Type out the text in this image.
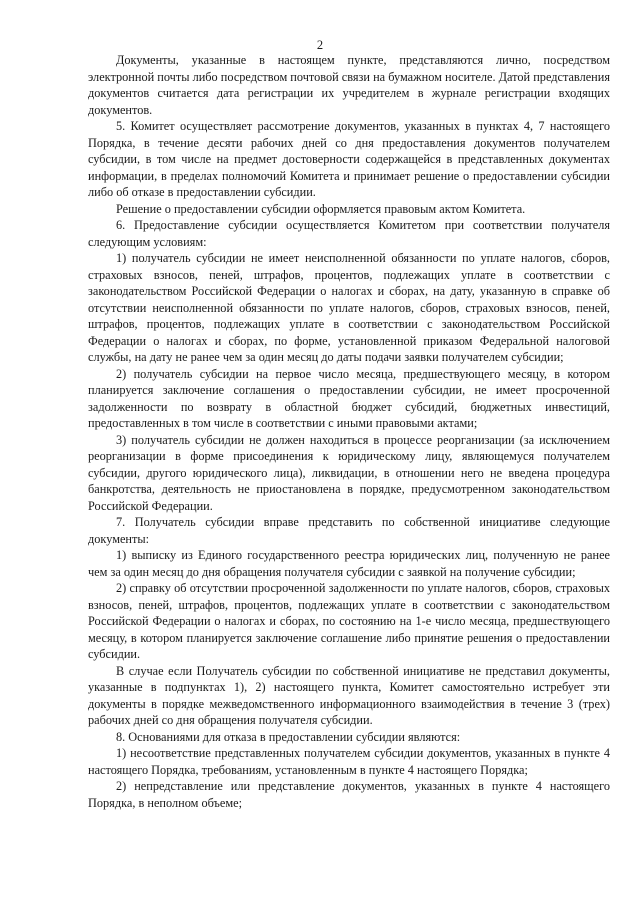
2

Документы, указанные в настоящем пункте, представляются лично, посредством электронной почты либо посредством почтовой связи на бумажном носителе. Датой представления документов считается дата регистрации их учредителем в журнале регистрации входящих документов.

5. Комитет осуществляет рассмотрение документов, указанных в пунктах 4, 7 настоящего Порядка, в течение десяти рабочих дней со дня предоставления документов получателем субсидии, в том числе на предмет достоверности содержащейся в представленных документах информации, в пределах полномочий Комитета и принимает решение о предоставлении субсидии либо об отказе в предоставлении субсидии.

Решение о предоставлении субсидии оформляется правовым актом Комитета.

6. Предоставление субсидии осуществляется Комитетом при соответствии получателя следующим условиям:

1) получатель субсидии не имеет неисполненной обязанности по уплате налогов, сборов, страховых взносов, пеней, штрафов, процентов, подлежащих уплате в соответствии с законодательством Российской Федерации о налогах и сборах, на дату, указанную в справке об отсутствии неисполненной обязанности по уплате налогов, сборов, страховых взносов, пеней, штрафов, процентов, подлежащих уплате в соответствии с законодательством Российской Федерации о налогах и сборах, по форме, установленной приказом Федеральной налоговой службы, на дату не ранее чем за один месяц до даты подачи заявки получателем субсидии;

2) получатель субсидии на первое число месяца, предшествующего месяцу, в котором планируется заключение соглашения о предоставлении субсидии, не имеет просроченной задолженности по возврату в областной бюджет субсидий, бюджетных инвестиций, предоставленных в том числе в соответствии с иными правовыми актами;

3) получатель субсидии не должен находиться в процессе реорганизации (за исключением реорганизации в форме присоединения к юридическому лицу, являющемуся получателем субсидии, другого юридического лица), ликвидации, в отношении него не введена процедура банкротства, деятельность не приостановлена в порядке, предусмотренном законодательством Российской Федерации.

7. Получатель субсидии вправе представить по собственной инициативе следующие документы:

1) выписку из Единого государственного реестра юридических лиц, полученную не ранее чем за один месяц до дня обращения получателя субсидии с заявкой на получение субсидии;

2) справку об отсутствии просроченной задолженности по уплате налогов, сборов, страховых взносов, пеней, штрафов, процентов, подлежащих уплате в соответствии с законодательством Российской Федерации о налогах и сборах, по состоянию на 1-е число месяца, предшествующего месяцу, в котором планируется заключение соглашение либо принятие решения о предоставлении субсидии.

В случае если Получатель субсидии по собственной инициативе не представил документы, указанные в подпунктах 1), 2) настоящего пункта, Комитет самостоятельно истребует эти документы в порядке межведомственного информационного взаимодействия в течение 3 (трех) рабочих дней со дня обращения получателя субсидии.

8. Основаниями для отказа в предоставлении субсидии являются:

1) несоответствие представленных получателем субсидии документов, указанных в пункте 4 настоящего Порядка, требованиям, установленным в пункте 4 настоящего Порядка;

2) непредставление или представление документов, указанных в пункте 4 настоящего Порядка, в неполном объеме;
